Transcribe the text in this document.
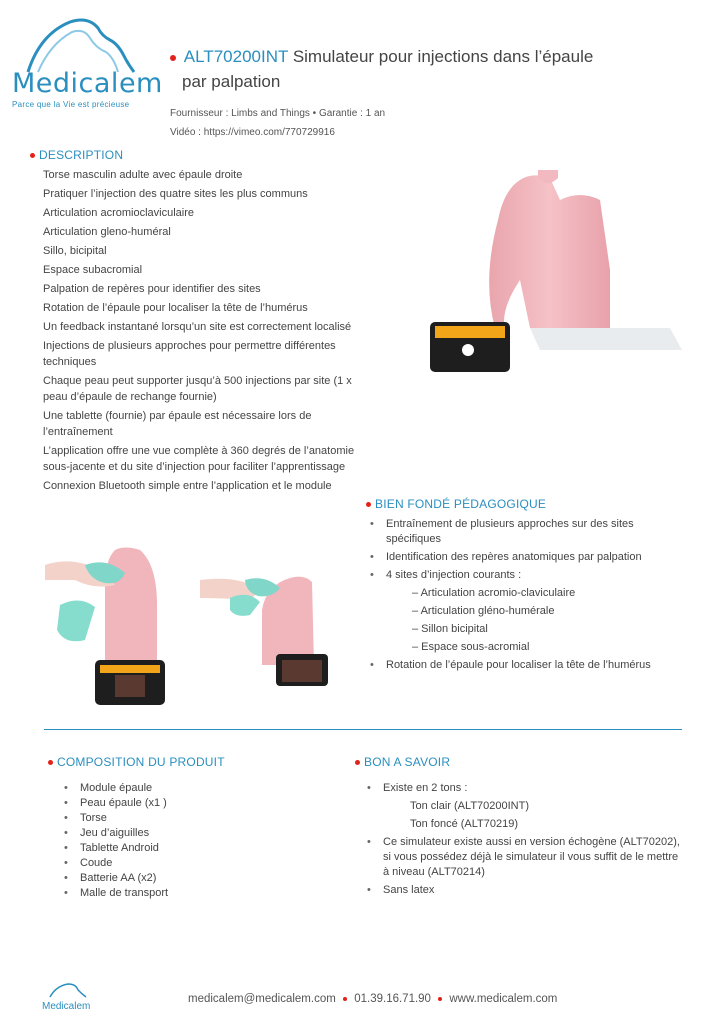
Medicalem
Parce que la Vie est précieuse
ALT70200INT Simulateur pour injections dans l’épaule
par palpation
Fournisseur : Limbs and Things • Garantie : 1 an
Vidéo : https://vimeo.com/770729916
DESCRIPTION
Torse masculin adulte avec épaule droite
Pratiquer l’injection des quatre sites les plus communs
Articulation acromioclaviculaire
Articulation gleno-huméral
Sillo, bicipital
Espace subacromial
Palpation de repères pour identifier des sites
Rotation de l’épaule pour localiser la tête de l’humérus
Un feedback instantané lorsqu’un site est correctement localisé
Injections de plusieurs approches pour permettre différentes techniques
Chaque peau peut supporter jusqu’à 500 injections par site (1 x peau d’épaule de rechange fournie)
Une tablette (fournie) par épaule est nécessaire lors de l’entraînement
L’application offre une vue complète à 360 degrés de l’anatomie sous-jacente et du site d’injection pour faciliter l’apprentissage
Connexion Bluetooth simple entre l’application et le module
BIEN FONDÉ PÉDAGOGIQUE
• Entraînement de plusieurs approches sur des sites spécifiques
• Identification des repères anatomiques par palpation
• 4 sites d’injection courants :
– Articulation acromio-claviculaire
– Articulation gléno-humérale
– Sillon bicipital
– Espace sous-acromial
• Rotation de l’épaule pour localiser la tête de l’humérus
COMPOSITION DU PRODUIT
• Module épaule
• Peau épaule (x1 )
• Torse
• Jeu d’aiguilles
• Tablette Android
• Coude
• Batterie AA (x2)
• Malle de transport
BON A SAVOIR
• Existe en 2 tons :
Ton clair (ALT70200INT)
Ton foncé (ALT70219)
• Ce simulateur existe aussi en version échogène (ALT70202), si vous possédez déjà le simulateur il vous suffit de le mettre à niveau (ALT70214)
• Sans latex
Medicalem
medicalem@medicalem.com 01.39.16.71.90 www.medicalem.com
